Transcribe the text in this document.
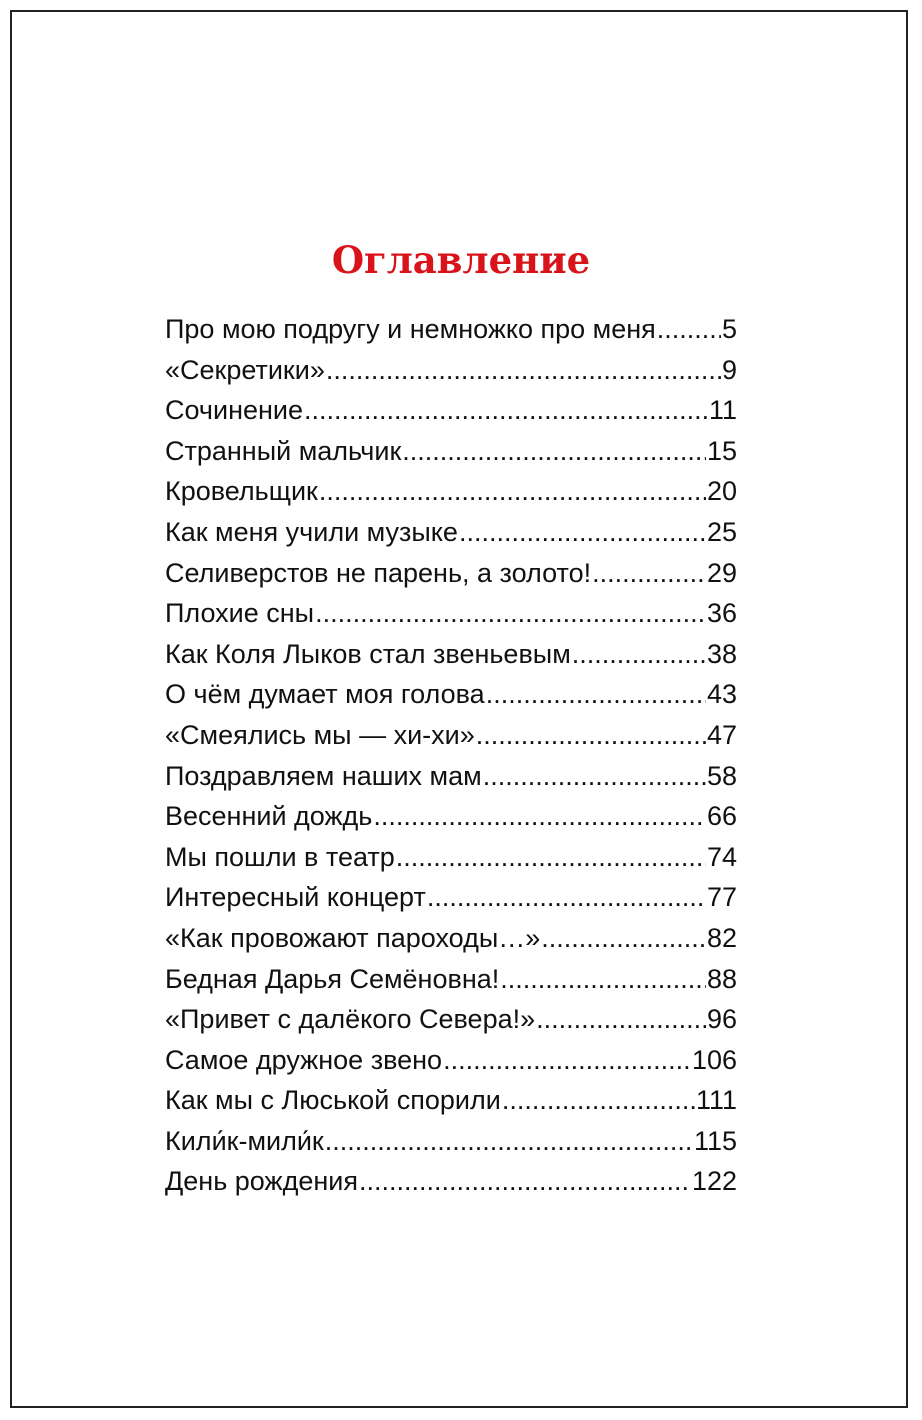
Оглавление
Про мою подругу и немножко про меня ..... 5
«Секретики» .....	9
Сочинение .....	11
Странный мальчик .....	15
Кровельщик .....	20
Как меня учили музыке .....	25
Селиверстов не парень, а золото! .....	29
Плохие сны .....	36
Как Коля Лыков стал звеньевым .....	38
О чём думает моя голова .....	43
«Смеялись мы — хи-хи» .....	47
Поздравляем наших мам .....	58
Весенний дождь .....	66
Мы пошли в театр .....	74
Интересный концерт .....	77
«Как провожают пароходы…» .....	82
Бедная Дарья Семёновна! .....	88
«Привет с далёкого Севера!» .....	96
Самое дружное звено .....	106
Как мы с Люськой спорили .....	111
Кили́к-мили́к .....	115
День рождения .....	122
